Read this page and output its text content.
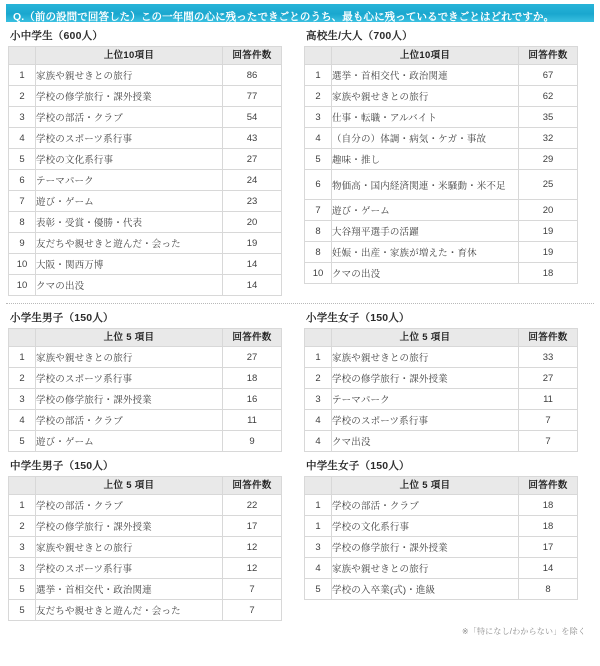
Q.（前の設問で回答した）この一年間の心に残ったできごとのうち、最も心に残っているできごとはどれですか。
小中学生（600人）
	上位10項目	回答件数
1	家族や親せきとの旅行	86
2	学校の修学旅行・課外授業	77
3	学校の部活・クラブ	54
4	学校のスポーツ系行事	43
5	学校の文化系行事	27
6	テーマパーク	24
7	遊び・ゲーム	23
8	表彰・受賞・優勝・代表	20
9	友だちや親せきと遊んだ・会った	19
10	大阪・関西万博	14
10	クマの出没	14
高校生/大人（700人）
	上位10項目	回答件数
1	選挙・首相交代・政治関連	67
2	家族や親せきとの旅行	62
3	仕事・転職・アルバイト	35
4	（自分の）体調・病気・ケガ・事故	32
5	趣味・推し	29
6	物価高・国内経済関連・米騒動・米不足	25
7	遊び・ゲーム	20
8	大谷翔平選手の活躍	19
8	妊娠・出産・家族が増えた・育休	19
10	クマの出没	18
小学生男子（150人）
	上位 5 項目	回答件数
1	家族や親せきとの旅行	27
2	学校のスポーツ系行事	18
3	学校の修学旅行・課外授業	16
4	学校の部活・クラブ	11
5	遊び・ゲーム	9
小学生女子（150人）
	上位 5 項目	回答件数
1	家族や親せきとの旅行	33
2	学校の修学旅行・課外授業	27
3	テーマパーク	11
4	学校のスポーツ系行事	7
4	クマ出没	7
中学生男子（150人）
	上位 5 項目	回答件数
1	学校の部活・クラブ	22
2	学校の修学旅行・課外授業	17
3	家族や親せきとの旅行	12
3	学校のスポーツ系行事	12
5	選挙・首相交代・政治関連	7
5	友だちや親せきと遊んだ・会った	7
中学生女子（150人）
	上位 5 項目	回答件数
1	学校の部活・クラブ	18
1	学校の文化系行事	18
3	学校の修学旅行・課外授業	17
4	家族や親せきとの旅行	14
5	学校の入卒業(式)・進級	8
※「特になし/わからない」を除く
